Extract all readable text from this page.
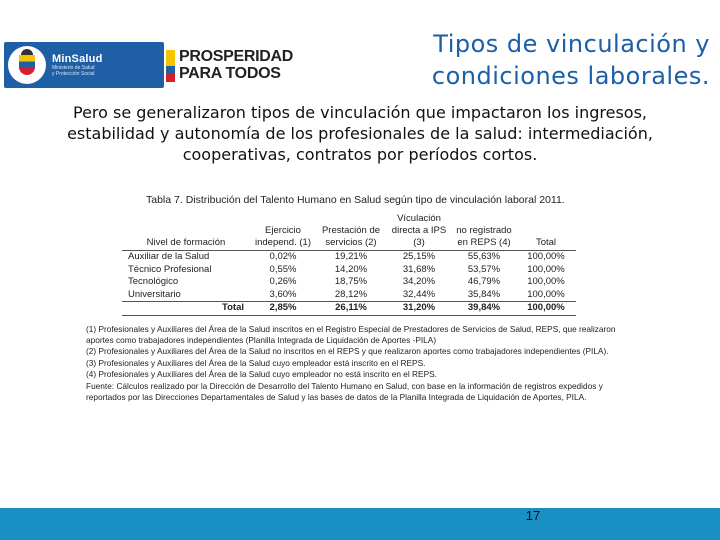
MinSalud
Ministerio de Salud
y Protección Social
PROSPERIDAD
PARA TODOS
Tipos de vinculación y
condiciones laborales.
Pero se generalizaron tipos de vinculación que impactaron los ingresos, estabilidad y autonomía de los profesionales de la salud: intermediación, cooperativas, contratos por períodos cortos.
Tabla 7. Distribución del Talento Humano en Salud según tipo de vinculación laboral 2011.
Nivel de formación	Ejercicio independ. (1)	Prestación de servicios (2)	Vículación directa a IPS (3)	no registrado en REPS (4)	Total
Auxiliar de la Salud	0,02%	19,21%	25,15%	55,63%	100,00%
Técnico Profesional	0,55%	14,20%	31,68%	53,57%	100,00%
Tecnológico	0,26%	18,75%	34,20%	46,79%	100,00%
Universitario	3,60%	28,12%	32,44%	35,84%	100,00%
Total	2,85%	26,11%	31,20%	39,84%	100,00%
(1) Profesionales y Auxiliares del Área de la Salud inscritos en el Registro Especial de Prestadores de Servicios de Salud, REPS, que realizaron aportes como trabajadores independientes (Planilla Integrada de Liquidación de Aportes -PILA)
(2) Profesionales y Auxiliares del Área de la Salud no inscritos en el REPS y que realizaron aportes como trabajadores independientes (PILA).
(3) Profesionales y Auxiliares del Área de la Salud cuyo empleador está inscrito en el REPS.
(4) Profesionales y Auxiliares del Área de la Salud cuyo empleador no está inscrito en el REPS.
Fuente: Cálculos realizado por la Dirección de Desarrollo del Talento Humano en Salud, con base en la información de registros expedidos y reportados por las Direcciones Departamentales de Salud y las bases de datos de la Planilla Integrada de Liquidación de Aportes, PILA.
17
